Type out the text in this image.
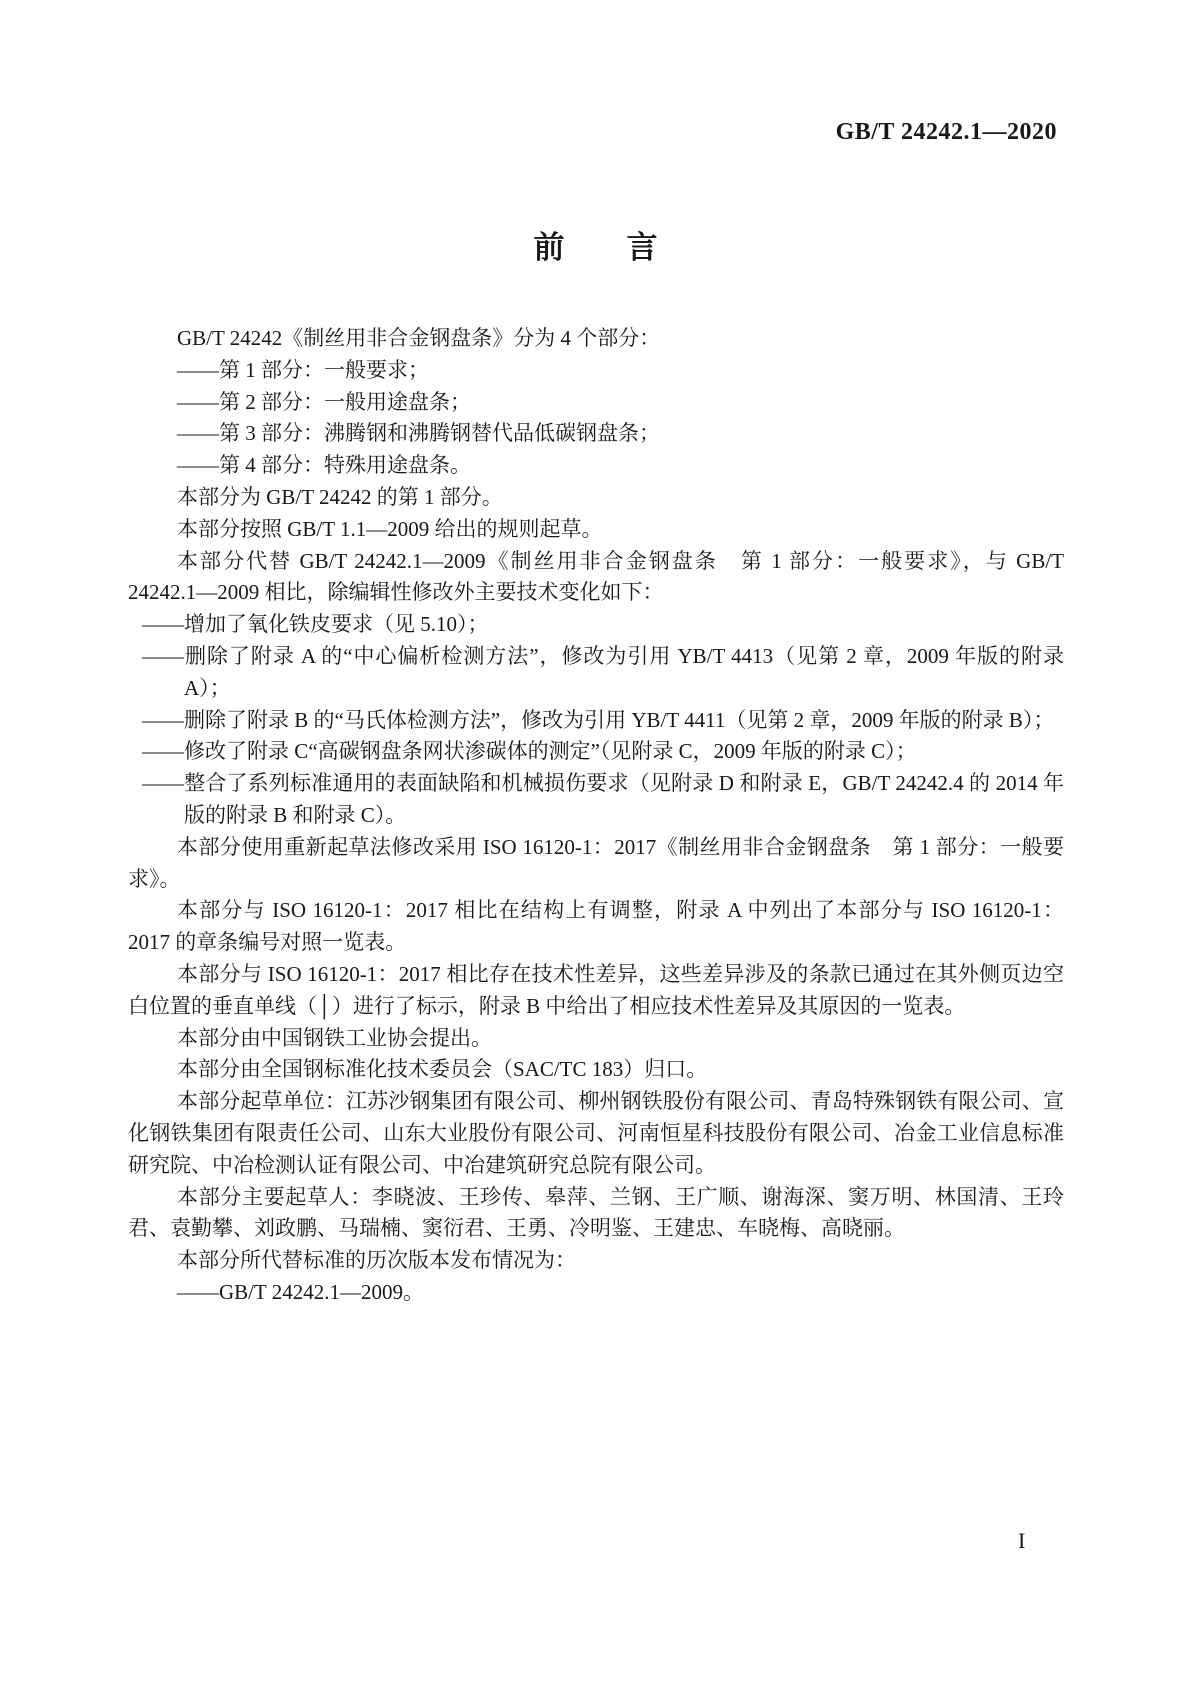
GB/T 24242.1—2020
前　　言

GB/T 24242《制丝用非合金钢盘条》分为 4 个部分：

——第 1 部分：一般要求；

——第 2 部分：一般用途盘条；

——第 3 部分：沸腾钢和沸腾钢替代品低碳钢盘条；

——第 4 部分：特殊用途盘条。

本部分为 GB/T 24242 的第 1 部分。

本部分按照 GB/T 1.1—2009 给出的规则起草。

本部分代替 GB/T 24242.1—2009《制丝用非合金钢盘条　第 1 部分：一般要求》，与 GB/T 24242.1—2009 相比，除编辑性修改外主要技术变化如下：

——增加了氧化铁皮要求（见 5.10）；

——删除了附录 A 的“中心偏析检测方法”，修改为引用 YB/T 4413（见第 2 章，2009 年版的附录 A）；

——删除了附录 B 的“马氏体检测方法”，修改为引用 YB/T 4411（见第 2 章，2009 年版的附录 B）；

——修改了附录 C“高碳钢盘条网状渗碳体的测定”（见附录 C，2009 年版的附录 C）；

——整合了系列标准通用的表面缺陷和机械损伤要求（见附录 D 和附录 E，GB/T 24242.4 的 2014 年版的附录 B 和附录 C）。

本部分使用重新起草法修改采用 ISO 16120-1：2017《制丝用非合金钢盘条　第 1 部分：一般要求》。

本部分与 ISO 16120-1：2017 相比在结构上有调整，附录 A 中列出了本部分与 ISO 16120-1：2017 的章条编号对照一览表。

本部分与 ISO 16120-1：2017 相比存在技术性差异，这些差异涉及的条款已通过在其外侧页边空白位置的垂直单线（│）进行了标示，附录 B 中给出了相应技术性差异及其原因的一览表。

本部分由中国钢铁工业协会提出。

本部分由全国钢标准化技术委员会（SAC/TC 183）归口。

本部分起草单位：江苏沙钢集团有限公司、柳州钢铁股份有限公司、青岛特殊钢铁有限公司、宣化钢铁集团有限责任公司、山东大业股份有限公司、河南恒星科技股份有限公司、冶金工业信息标准研究院、中冶检测认证有限公司、中冶建筑研究总院有限公司。

本部分主要起草人：李晓波、王珍传、皋萍、兰钢、王广顺、谢海深、窦万明、林国清、王玲君、袁勤攀、刘政鹏、马瑞楠、窦衍君、王勇、冷明鉴、王建忠、车晓梅、高晓丽。

本部分所代替标准的历次版本发布情况为：

——GB/T 24242.1—2009。

I
